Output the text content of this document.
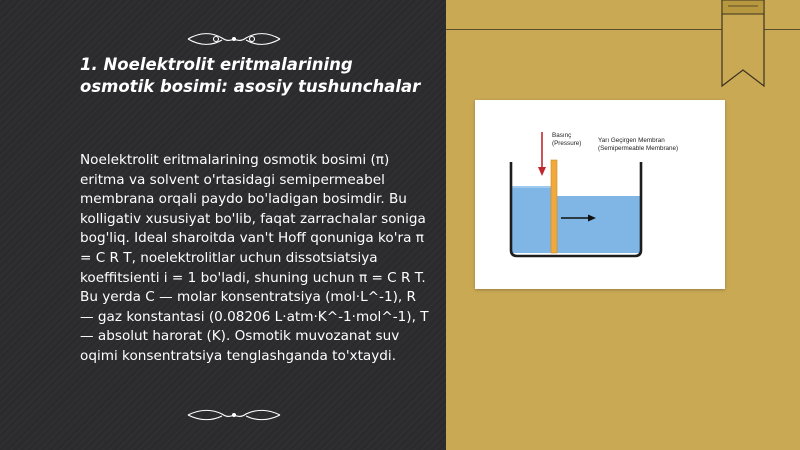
1. Noelektrolit eritmalarining osmotik bosimi: asosiy tushunchalar

Noelektrolit eritmalarining osmotik bosimi (π) eritma va solvent o'rtasidagi semipermeabel membrana orqali paydo bo'ladigan bosimdir. Bu kolligativ xususiyat bo'lib, faqat zarrachalar soniga bog'liq. Ideal sharoitda van't Hoff qonuniga ko'ra π = C R T, noelektrolitlar uchun dissotsiatsiya koeffitsienti i = 1 bo'ladi, shuning uchun π = C R T. Bu yerda C — molar konsentratsiya (mol·L^-1), R — gaz konstantasi (0.08206 L·atm·K^-1·mol^-1), T — absolut harorat (K). Osmotik muvozanat suv oqimi konsentratsiya tenglashganda to'xtaydi.

Basınç
(Pressure)	Yarı Geçirgen Membran
(Semipermeable Membrane)
